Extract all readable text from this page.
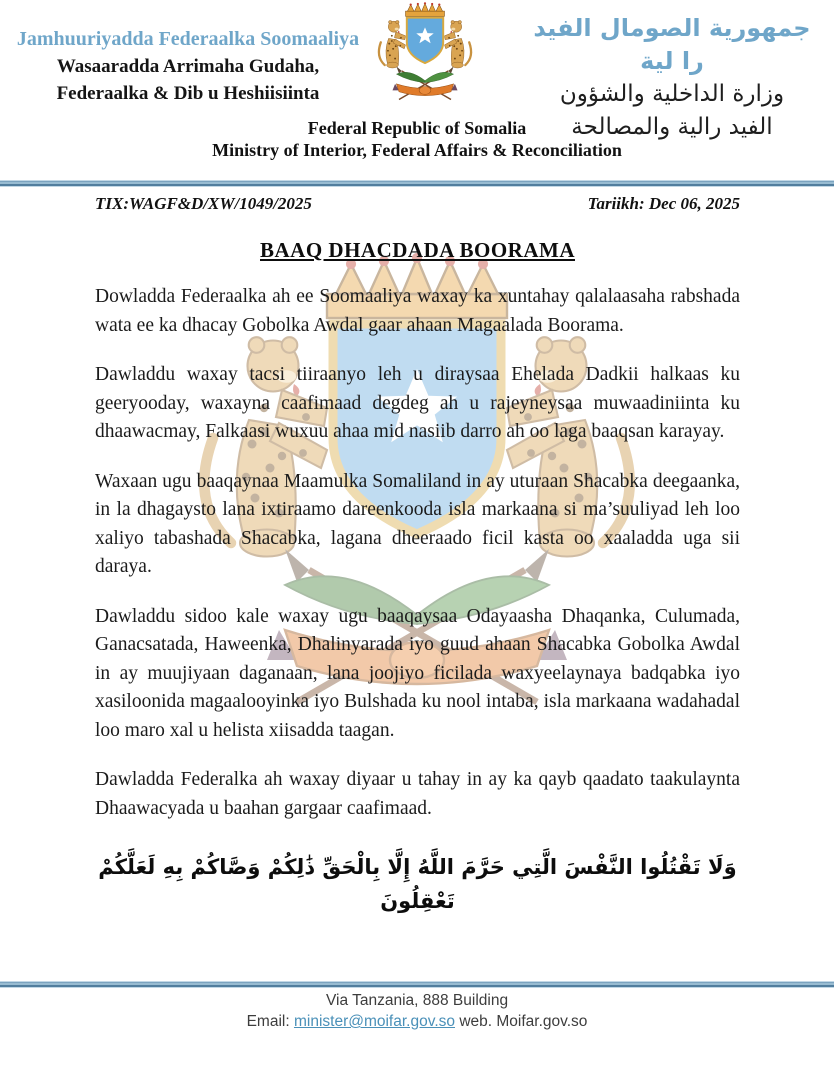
Jamhuuriyadda Federaalka Soomaaliya
Wasaaradda Arrimaha Gudaha,
Federaalka & Dib u Heshiisiinta
جمهورية الصومال الفيد را لية
وزارة الداخلية والشؤون
الفيد رالية والمصالحة
Federal Republic of Somalia
Ministry of Interior, Federal Affairs & Reconciliation
TIX:WAGF&D/XW/1049/2025	Tariikh: Dec 06, 2025
BAAQ DHACDADA BOORAMA

Dowladda Federaalka ah ee Soomaaliya waxay ka xuntahay qalalaasaha rabshada wata ee ka dhacay Gobolka Awdal gaar ahaan Magaalada Boorama.

Dawladdu waxay tacsi tiiraanyo leh u diraysaa Ehelada Dadkii halkaas ku geeryooday, waxayna caafimaad degdeg ah u rajeyneysaa muwaadiniinta ku dhaawacmay, Falkaasi wuxuu ahaa mid nasiib darro ah oo laga baaqsan karayay.

Waxaan ugu baaqaynaa Maamulka Somaliland in ay uturaan Shacabka deegaanka, in la dhagaysto lana ixtiraamo dareenkooda isla markaana si ma’suuliyad leh loo xaliyo tabashada Shacabka, lagana dheeraado ficil kasta oo xaaladda uga sii daraya.

Dawladdu sidoo kale waxay ugu baaqaysaa Odayaasha Dhaqanka, Culumada, Ganacsatada, Haweenka, Dhalinyarada iyo guud ahaan Shacabka Gobolka Awdal in ay muujiyaan daganaan, lana joojiyo ficilada waxyeelaynaya badqabka iyo xasiloonida magaalooyinka iyo Bulshada ku nool intaba, isla markaana wadahadal loo maro xal u helista xiisadda taagan.

Dawladda Federalka ah waxay diyaar u tahay in ay ka qayb qaadato taakulaynta Dhaawacyada u baahan gargaar caafimaad.

وَلَا تَقْتُلُوا النَّفْسَ الَّتِي حَرَّمَ اللَّهُ إِلَّا بِالْحَقِّ ذَٰلِكُمْ وَصَّاكُمْ بِهِ لَعَلَّكُمْ تَعْقِلُونَ
Via Tanzania, 888 Building
Email: minister@moifar.gov.so web. Moifar.gov.so
